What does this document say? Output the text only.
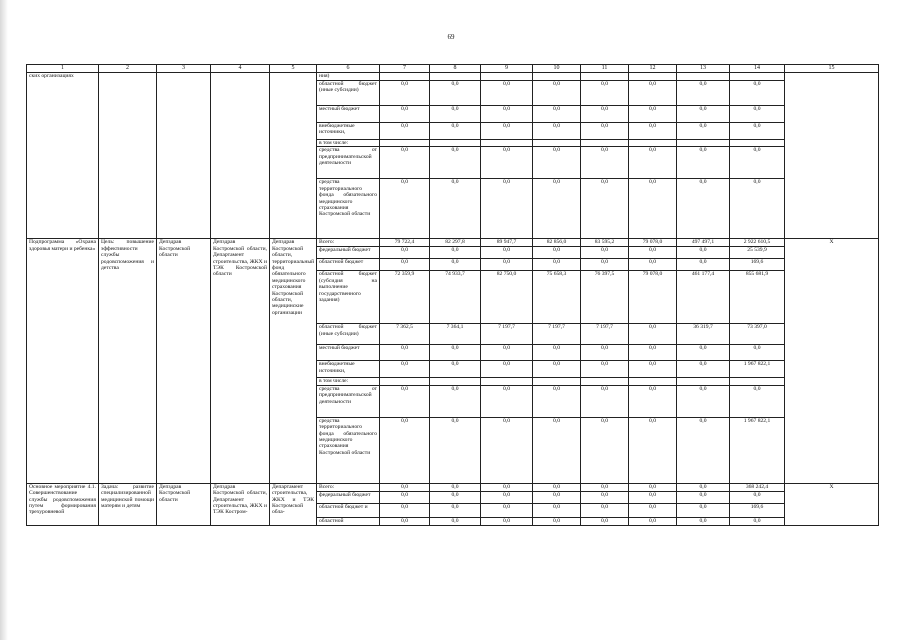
69
1	2	3	4	5	6	7	8	9	10	11	12	13	14	15
ских организациях					ния)									
					областной бюджет (иные субсидии)	0,0	0,0	0,0	0,0	0,0	0,0	0,0	0,0	
					местный бюджет	0,0	0,0	0,0	0,0	0,0	0,0	0,0	0,0	
					внебюджетные источники,	0,0	0,0	0,0	0,0	0,0	0,0	0,0	0,0	
					в том числе:									
					средства от предпринимательской деятельности	0,0	0,0	0,0	0,0	0,0	0,0	0,0	0,0	
					средства территориального фонда обязательного медицинского страхования Костромской области	0,0	0,0	0,0	0,0	0,0	0,0	0,0	0,0	
Подпрограмма «Охрана здоровья матери и ребенка»	Цель: повышение эффективности службы родовспоможения и детства	Депздрав Костромской области	Депздрав Костромской области, Департамент строительства, ЖКХ и ТЭК Костромской области	Депздрав Костромской области, территориальный фонд обязательного медицинского страхования Костромской области, медицинские организации	Всего:	79 722,4	82 297,8	89 947,7	82 856,0	83 595,2	79 078,0	497 497,1	2 922 610,5	X
					федеральный бюджет	0,0	0,0	0,0	0,0	0,0	0,0	0,0	25 539,9	
					областной бюджет	0,0	0,0	0,0	0,0	0,0	0,0	0,0	169,6	
					областной бюджет (субсидия на выполнение государственного задания)	72 359,9	74 933,7	82 750,0	75 658,3	76 397,5	79 078,0	461 177,4	855 681,9	
					областной бюджет (иные субсидии)	7 362,5	7 364,1	7 197,7	7 197,7	7 197,7	0,0	36 319,7	73 397,0	
					местный бюджет	0,0	0,0	0,0	0,0	0,0	0,0	0,0	0,0	
					внебюджетные источники,	0,0	0,0	0,0	0,0	0,0	0,0	0,0	1 967 822,1	
					в том числе:									
					средства от предпринимательской деятельности	0,0	0,0	0,0	0,0	0,0	0,0	0,0	0,0	
					средства территориального фонда обязательного медицинского страхования Костромской области	0,0	0,0	0,0	0,0	0,0	0,0	0,0	1 967 822,1	
Основное мероприятие 4.1. Совершенствование службы родовспоможения путем формирования трехуровневой	Задача: развитие специализированной медицинской помощи матерям и детям	Депздрав Костромской области	Депздрав Костромской области, Департамент строительства, ЖКХ и ТЭК Костром-	Департамент строительства, ЖКХ и ТЭК Костромской обла-	Всего:	0,0	0,0	0,0	0,0	0,0	0,0	0,0	368 242,4	X
					федеральный бюджет	0,0	0,0	0,0	0,0	0,0	0,0	0,0	0,0	
					областной бюджет и	0,0	0,0	0,0	0,0	0,0	0,0	0,0	169,6	
					областной	0,0	0,0	0,0	0,0	0,0	0,0	0,0	0,0	
